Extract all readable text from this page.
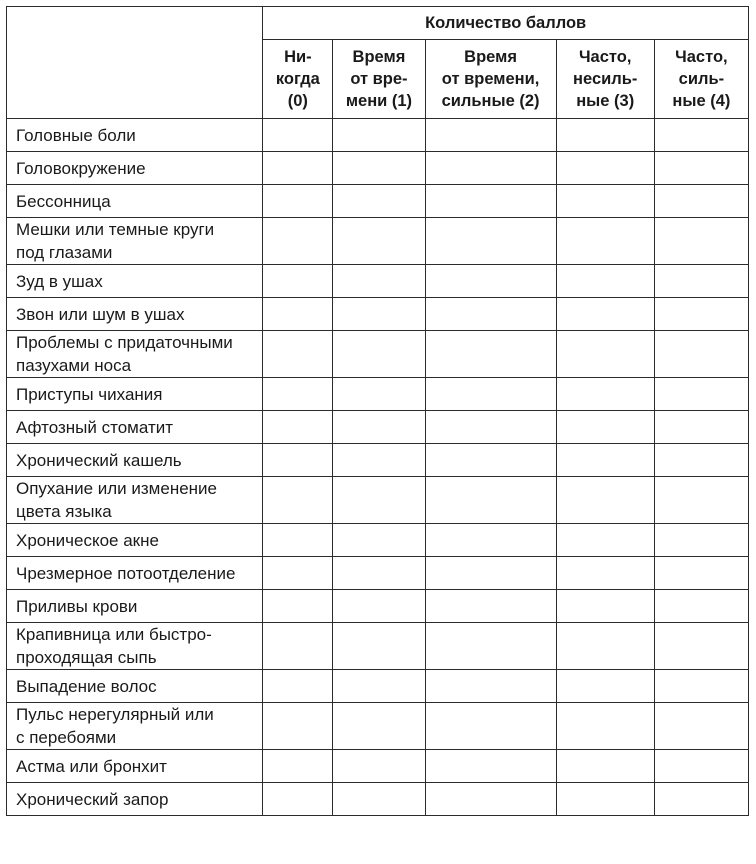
	Количество баллов				

	Ни-
когда
(0)	Время
от вре-
мени (1)	Время
от времени,
сильные (2)	Часто,
несиль-
ные (3)	Часто,
силь-
ные (4)

Головные боли					

Головокружение					

Бессонница					

Мешки или темные круги
под глазами					

Зуд в ушах					

Звон или шум в ушах					

Проблемы с придаточными
пазухами носа					

Приступы чихания					

Афтозный стоматит					

Хронический кашель					

Опухание или изменение
цвета языка					

Хроническое акне					

Чрезмерное потоотделение					

Приливы крови					

Крапивница или быстро-
проходящая сыпь					

Выпадение волос					

Пульс нерегулярный или
с перебоями					

Астма или бронхит					

Хронический запор					
